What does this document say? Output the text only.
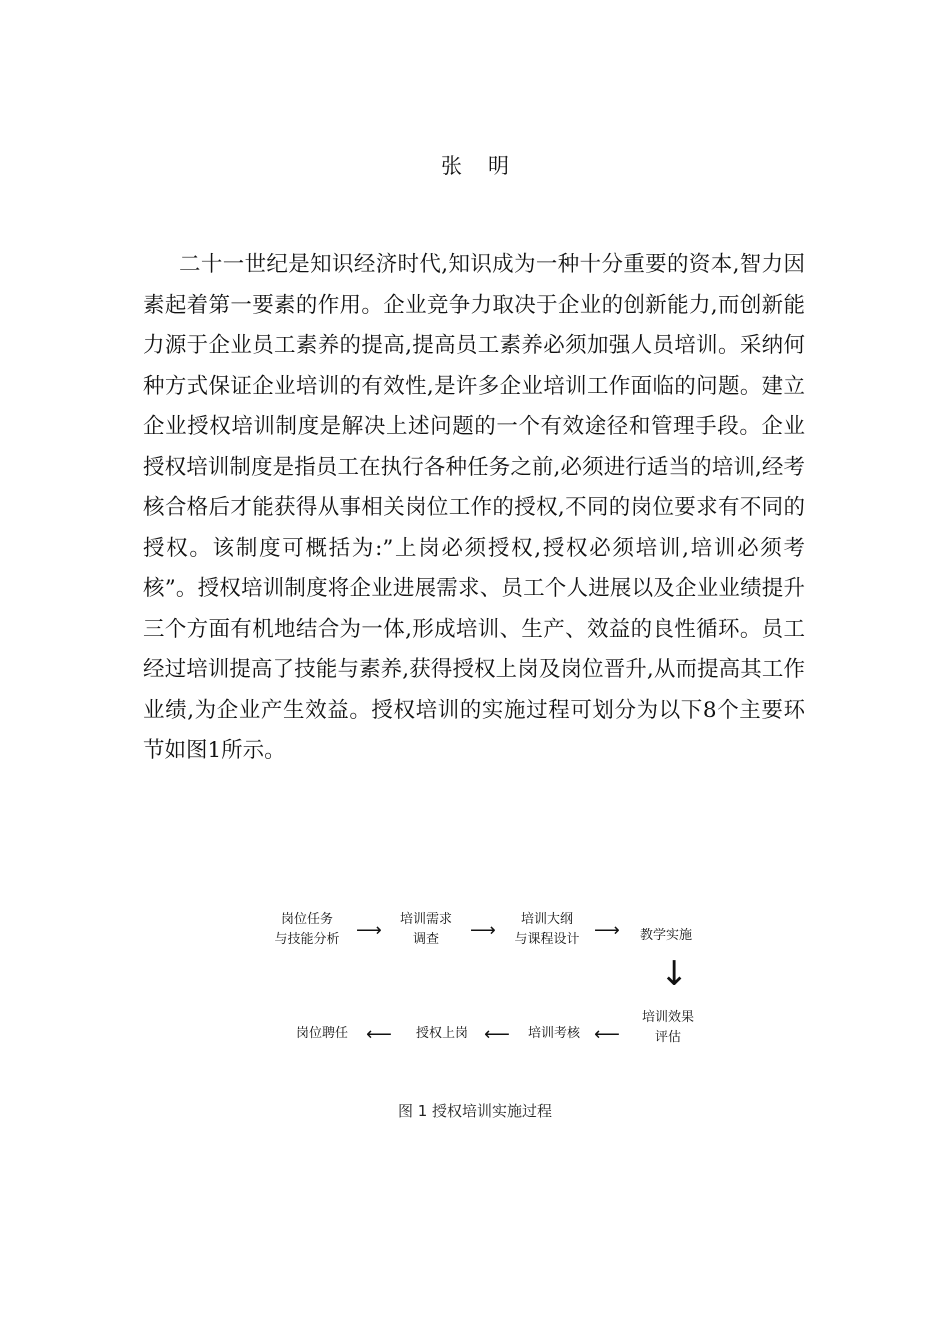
张明

二十一世纪是知识经济时代,知识成为一种十分重要的资本,智力因素起着第一要素的作用。企业竞争力取决于企业的创新能力,而创新能力源于企业员工素养的提高,提高员工素养必须加强人员培训。采纳何种方式保证企业培训的有效性,是许多企业培训工作面临的问题。建立企业授权培训制度是解决上述问题的一个有效途径和管理手段。企业授权培训制度是指员工在执行各种任务之前,必须进行适当的培训,经考核合格后才能获得从事相关岗位工作的授权,不同的岗位要求有不同的授权。该制度可概括为:”上岗必须授权,授权必须培训,培训必须考核”。授权培训制度将企业进展需求、员工个人进展以及企业业绩提升三个方面有机地结合为一体,形成培训、生产、效益的良性循环。员工经过培训提高了技能与素养,获得授权上岗及岗位晋升,从而提高其工作业绩,为企业产生效益。授权培训的实施过程可划分为以下8个主要环节如图1所示。

岗位任务
与技能分析 ⟶
培训需求
调查	⟶
培训大纲
与课程设计 ⟶	教学实施
↓
培训效果
评估
⟵
培训考核
⟵
授权上岗
⟵
岗位聘任
图 1 授权培训实施过程
